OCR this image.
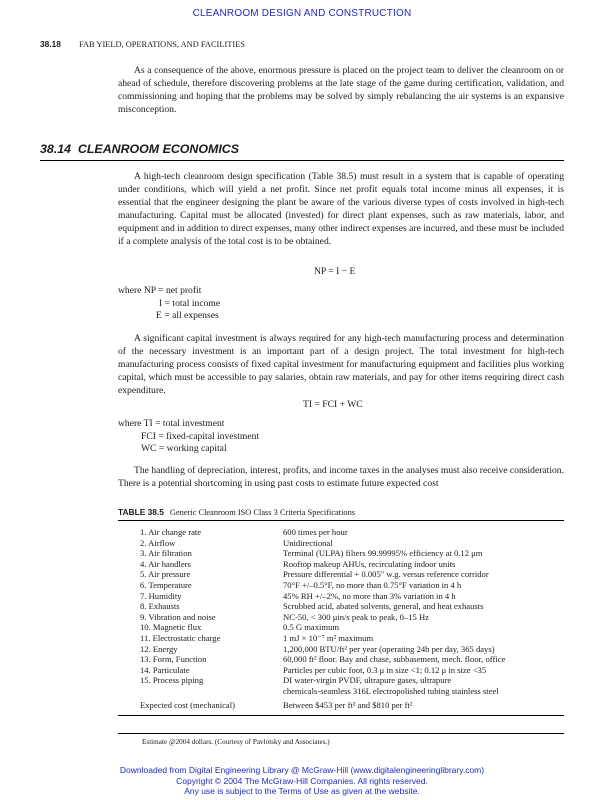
CLEANROOM DESIGN AND CONSTRUCTION
38.18 FAB YIELD, OPERATIONS, AND FACILITIES

As a consequence of the above, enormous pressure is placed on the project team to deliver the cleanroom on or ahead of schedule, therefore discovering problems at the late stage of the game during certification, validation, and commissioning and hoping that the problems may be solved by simply rebalancing the air systems is an expansive misconception.

38.14 CLEANROOM ECONOMICS

A high-tech cleanroom design specification (Table 38.5) must result in a system that is capable of operating under conditions, which will yield a net profit. Since net profit equals total income minus all expenses, it is essential that the engineer designing the plant be aware of the various diverse types of costs involved in high-tech manufacturing. Capital must be allocated (invested) for direct plant expenses, such as raw materials, labor, and equipment and in addition to direct expenses, many other indirect expenses are incurred, and these must be included if a complete analysis of the total cost is to be obtained.

NP = I − E
where NP = net profit
I = total income
E = all expenses

A significant capital investment is always required for any high-tech manufacturing process and determination of the necessary investment is an important part of a design project. The total investment for high-tech manufacturing process consists of fixed capital investment for manufacturing equipment and facilities plus working capital, which must be accessible to pay salaries, obtain raw materials, and pay for other items requiring direct cash expenditure.

TI = FCI + WC
where TI = total investment
FCI = fixed-capital investment
WC = working capital

The handling of depreciation, interest, profits, and income taxes in the analyses must also receive consideration. There is a potential shortcoming in using past costs to estimate future expected cost

TABLE 38.5 Generic Cleanroom ISO Class 3 Criteria Specifications
1. Air change rate	600 times per hour
2. Airflow	Unidirectional
3. Air filtration	Terminal (ULPA) filters 99.99995% efficiency at 0.12 μm
4. Air handlers	Rooftop makeup AHUs, recirculating indoor units
5. Air pressure	Pressure differential + 0.005" w.g. versus reference corridor
6. Temperature	70°F +/–0.5°F, no more than 0.75°F variation in 4 h
7. Humidity	45% RH +/–2%, no more than 3% variation in 4 h
8. Exhausts	Scrubbed acid, abated solvents, general, and heat exhausts
9. Vibration and noise	NC-50, < 300 μin/s peak to peak, 0–15 Hz
10. Magnetic flux	0.5 G maximum
11. Electrostatic charge	1 mJ × 10⁻⁷ m² maximum
12. Energy	1,200,000 BTU/ft² per year (operating 24h per day, 365 days)
13. Form, Function	60,000 ft² floor. Bay and chase, subbasement, mech. floor, office
14. Particulate	Particles per cubic foot, 0.3 μ in size <1; 0.12 μ in size <35
15. Process piping	DI water-virgin PVDF, ultrapure gases, ultrapure
	chemicals-seamless 316L electropolished tubing stainless steel
Expected cost (mechanical)	Between $453 per ft² and $810 per ft²
Estimate @2004 dollars. (Courtesy of Pavlotsky and Associates.)
Downloaded from Digital Engineering Library @ McGraw-Hill (www.digitalengineeringlibrary.com)
Copyright © 2004 The McGraw-Hill Companies. All rights reserved.
Any use is subject to the Terms of Use as given at the website.
